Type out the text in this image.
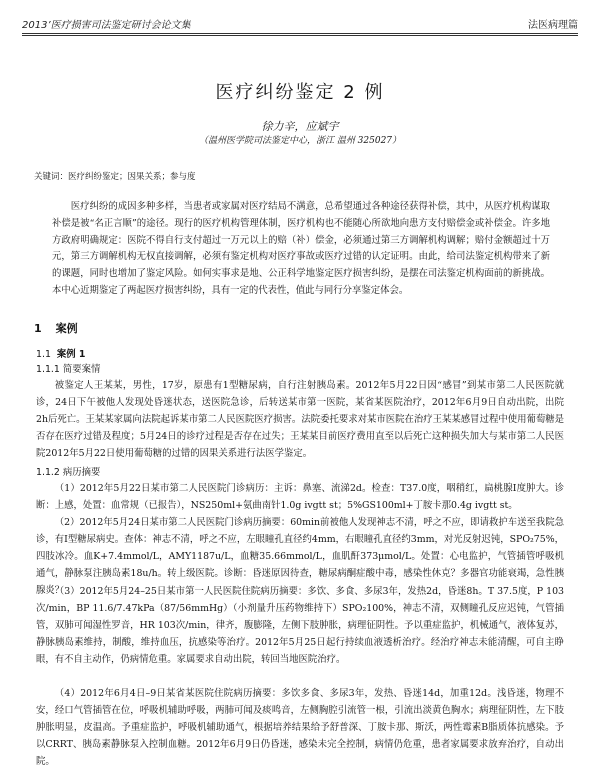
2013’医疗损害司法鉴定研讨会论文集	法医病理篇
医疗纠纷鉴定 2 例
徐力辛，应斌宇
（温州医学院司法鉴定中心，浙江 温州 325027）
关键词：医疗纠纷鉴定；因果关系；参与度
医疗纠纷的成因多种多样，当患者或家属对医疗结局不满意，总希望通过各种途径获得补偿，其中，从医疗机构谋取补偿是被“名正言顺”的途径。现行的医疗机构管理体制，医疗机构也不能随心所欲地向患方支付赔偿金或补偿金。许多地方政府明确规定：医院不得自行支付超过一万元以上的赔（补）偿金，必须通过第三方调解机构调解；赔付金额超过十万元，第三方调解机构无权直接调解，必须有鉴定机构对医疗事故或医疗过错的认定证明。由此，给司法鉴定机构带来了新的课题，同时也增加了鉴定风险。如何实事求是地、公正科学地鉴定医疗损害纠纷，是摆在司法鉴定机构面前的新挑战。本中心近期鉴定了两起医疗损害纠纷，具有一定的代表性，值此与同行分享鉴定体会。
1 案例
1.1 案例 1
1.1.1 简要案情
被鉴定人王某某，男性，17岁，原患有1型糖尿病，自行注射胰岛素。2012年5月22日因“感冒”到某市第二人民医院就诊，24日下午被他人发现处昏迷状态，送医院急诊，后转送某市第一医院，某省某医院治疗，2012年6月9日自动出院，出院2h后死亡。王某某家属向法院起诉某市第二人民医院医疗损害。法院委托要求对某市医院在治疗王某某感冒过程中使用葡萄糖是否存在医疗过错及程度；5月24日的诊疗过程是否存在过失；王某某目前医疗费用直至以后死亡这种损失加大与某市第二人民医院2012年5月22日使用葡萄糖的过错的因果关系进行法医学鉴定。
1.1.2 病历摘要
（1）2012年5月22日某市第二人民医院门诊病历：主诉：鼻塞、流涕2d。检查：T37.0度，咽稍红，扁桃腺Ⅰ度肿大。诊断：上感，处置：血常规（已报告），NS250ml+氨曲南针1.0g ivgtt st；5%GS100ml+丁胺卡那0.4g ivgtt st。
（2）2012年5月24日某市第二人民医院门诊病历摘要：60min前被他人发现神志不清，呼之不应，即请救护车送至我院急诊，有Ⅰ型糖尿病史。查体：神志不清，呼之不应，左眼瞳孔直径约4mm，右眼瞳孔直径约3mm，对光反射迟钝，SPO₂75%，四肢冰冷。血K+7.4mmol/L，AMY1187u/L，血糖35.66mmol/L，血肌酐373μmol/L。处置：心电监护，气管插管呼吸机通气，静脉泵注胰岛素18u/h。转上级医院。诊断：昏迷原因待查，糖尿病酮症酸中毒，感染性休克？多器官功能衰竭，急性胰腺炎？
（3）2012年5月24–25日某市第一人民医院住院病历摘要：多饮、多食、多尿3年，发热2d，昏迷8h。T 37.5度，P 103次/min，BP 11.6/7.47kPa（87/56mmHg）（小剂量升压药物维持下）SPO₂100%，神志不清，双侧瞳孔反应迟钝，气管插管，双肺可闻湿性罗音，HR 103次/min，律齐，腹膨隆，左侧下肢肿胀，病理征阴性。予以重症监护，机械通气，液体复苏，静脉胰岛素维持，制酸，维持血压，抗感染等治疗。2012年5月25日起行持续血液透析治疗。经治疗神志未能清醒，可自主睁眼，有不自主动作，仍病情危重。家属要求自动出院，转回当地医院治疗。
（4）2012年6月4日–9日某省某医院住院病历摘要：多饮多食、多尿3年，发热、昏迷14d，加重12d。浅昏迷，物理不安，经口气管插管在位，呼吸机辅助呼吸，两肺可闻及痰鸣音，左侧胸腔引流管一根，引流出淡黄色胸水；病理征阴性，左下肢肿胀明显，皮温高。予重症监护，呼吸机辅助通气，根据培养结果给予舒普深、丁胺卡那、斯沃，两性霉素B脂质体抗感染。予以CRRT、胰岛素静脉泵入控制血糖。2012年6月9日仍昏迷，感染未完全控制，病情仍危重，患者家属要求放弃治疗，自动出院。
